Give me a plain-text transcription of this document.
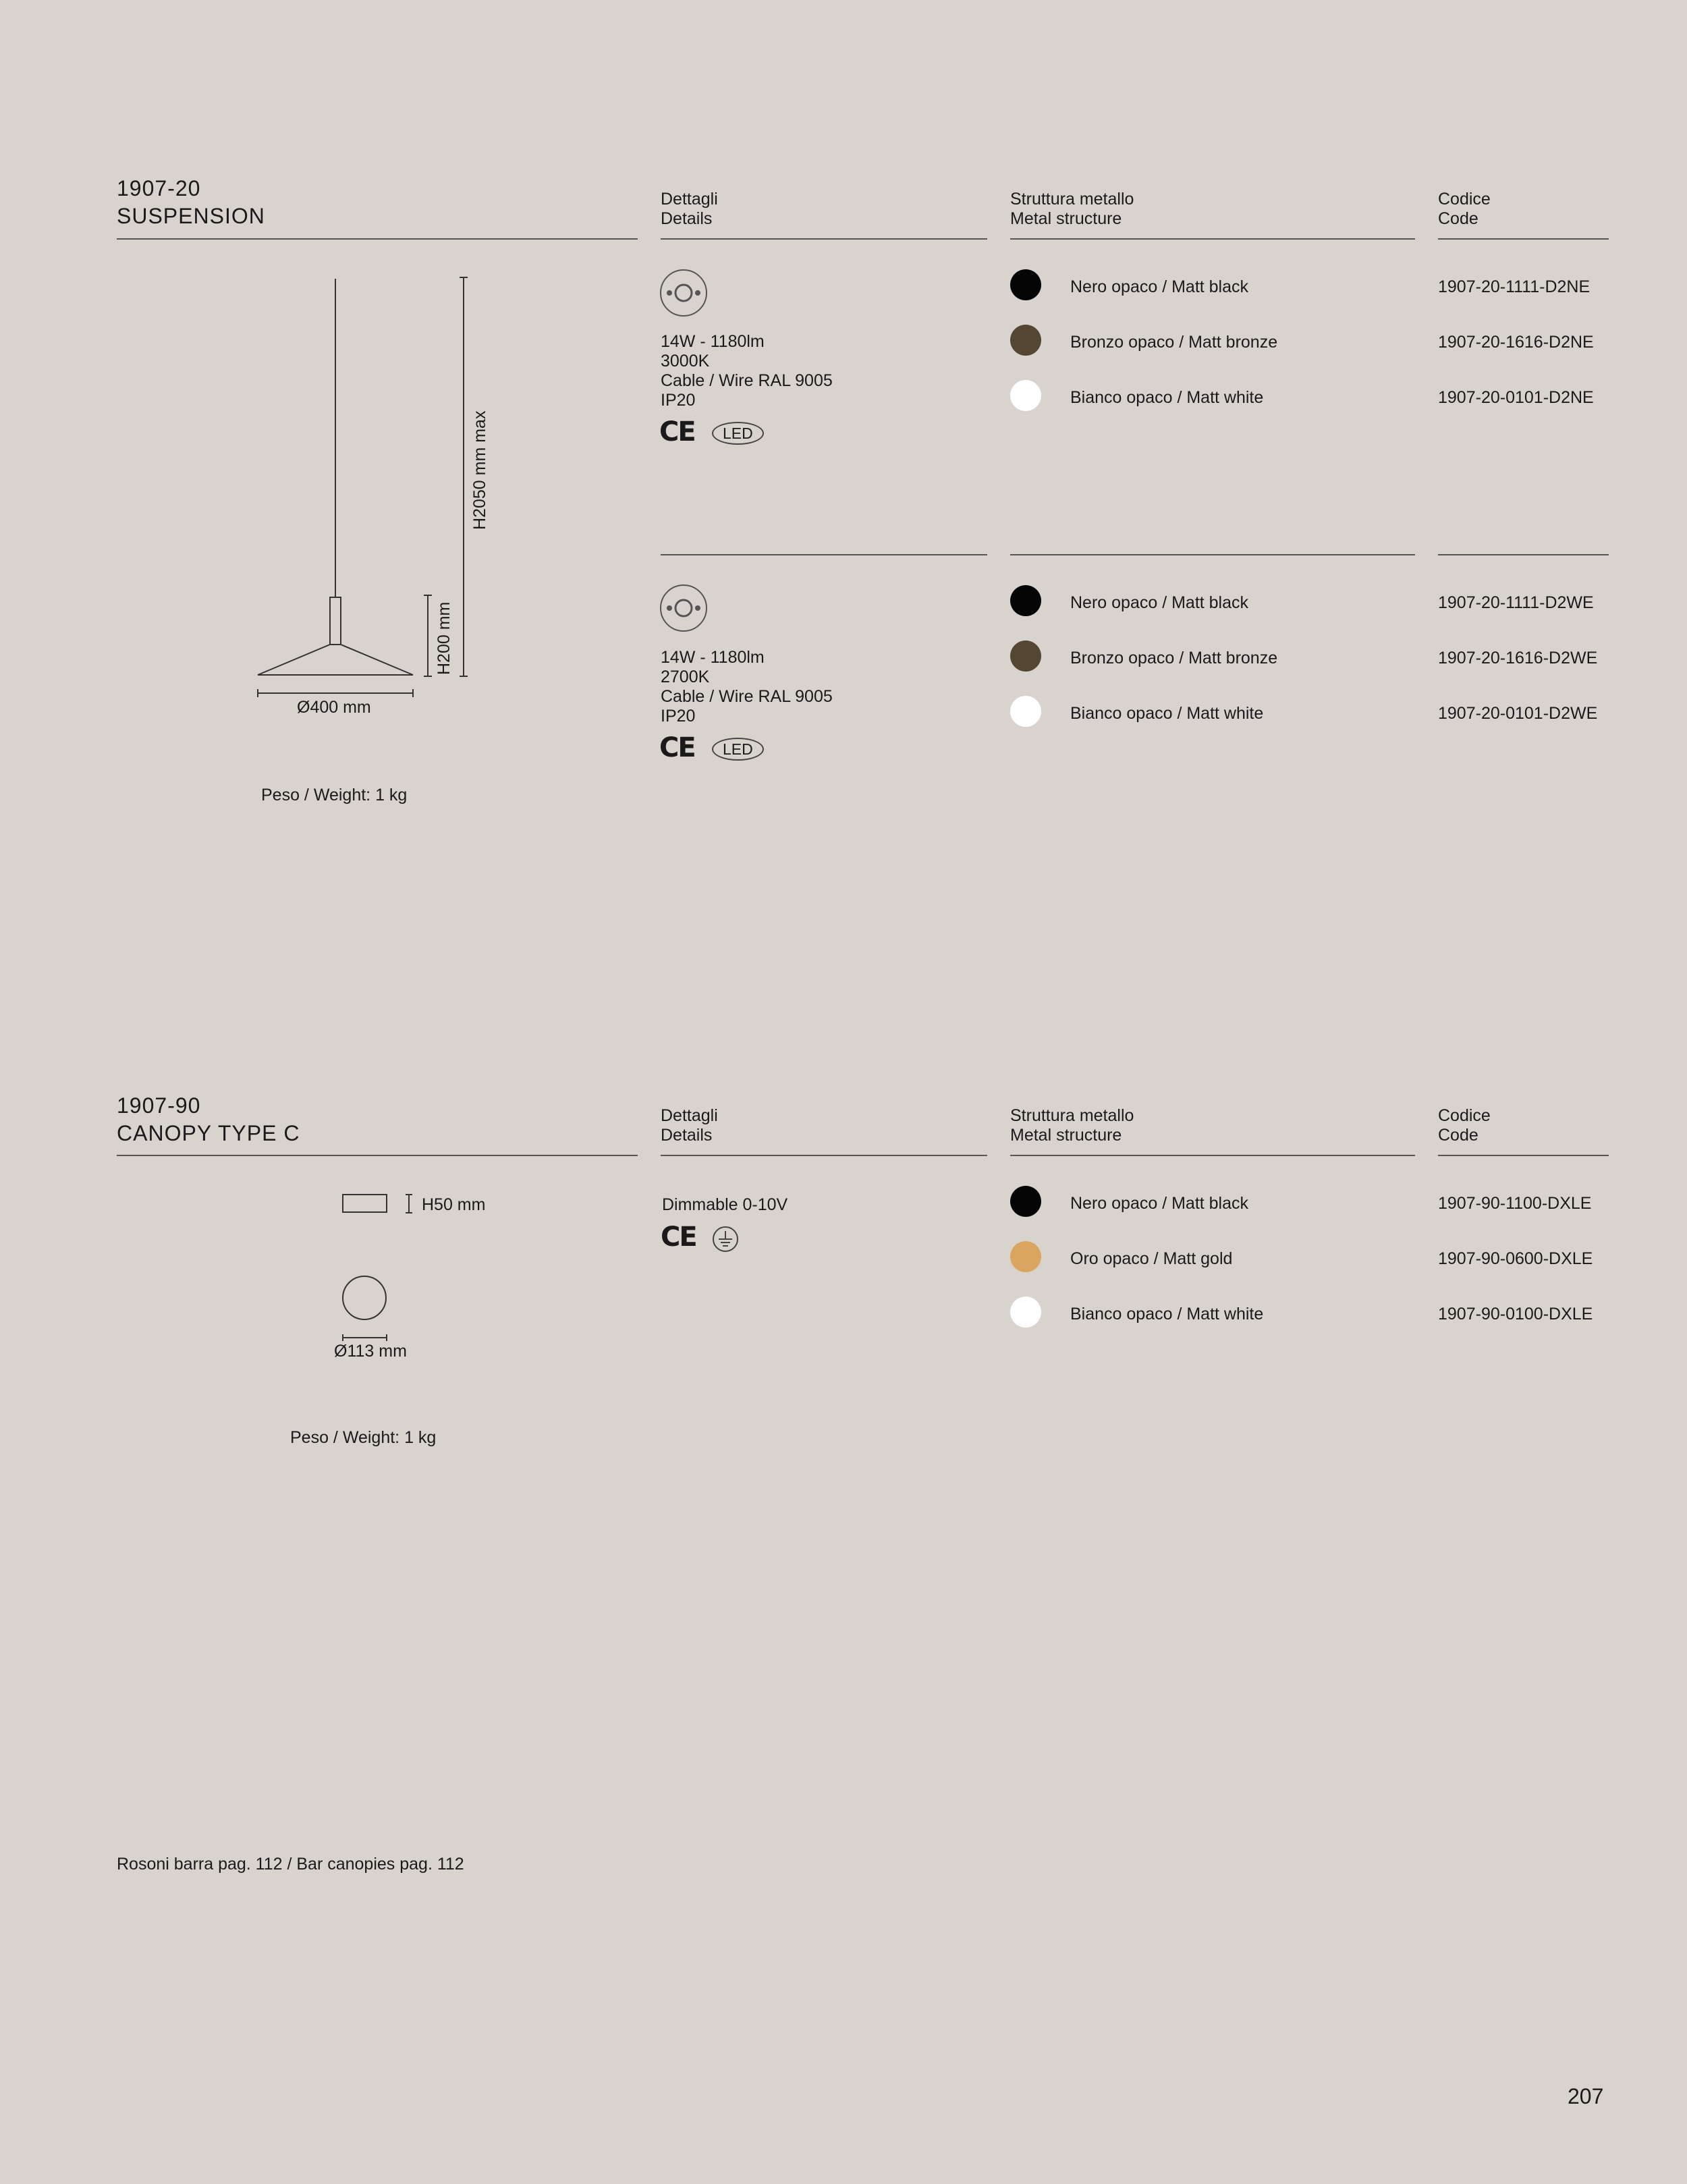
1907-20
SUSPENSION
Dettagli
Details
Struttura metallo
Metal structure
Codice
Code
H2050 mm max
H200 mm
Ø400 mm
Peso / Weight: 1 kg
14W - 1180lm
3000K
Cable / Wire RAL 9005
IP20
CE	LED
Nero opaco / Matt black	1907-20-1111-D2NE
Bronzo opaco / Matt bronze	1907-20-1616-D2NE
Bianco opaco / Matt white	1907-20-0101-D2NE
14W - 1180lm
2700K
Cable / Wire RAL 9005
IP20
CE	LED
Nero opaco / Matt black	1907-20-1111-D2WE
Bronzo opaco / Matt bronze	1907-20-1616-D2WE
Bianco opaco / Matt white	1907-20-0101-D2WE
1907-90
CANOPY TYPE C
Dettagli
Details
Struttura metallo
Metal structure
Codice
Code
H50 mm
Ø113 mm
Peso / Weight: 1 kg
Dimmable 0-10V
CE
Nero opaco / Matt black	1907-90-1100-DXLE
Oro opaco / Matt gold	1907-90-0600-DXLE
Bianco opaco / Matt white	1907-90-0100-DXLE
Rosoni barra pag. 112 / Bar canopies pag. 112
207
